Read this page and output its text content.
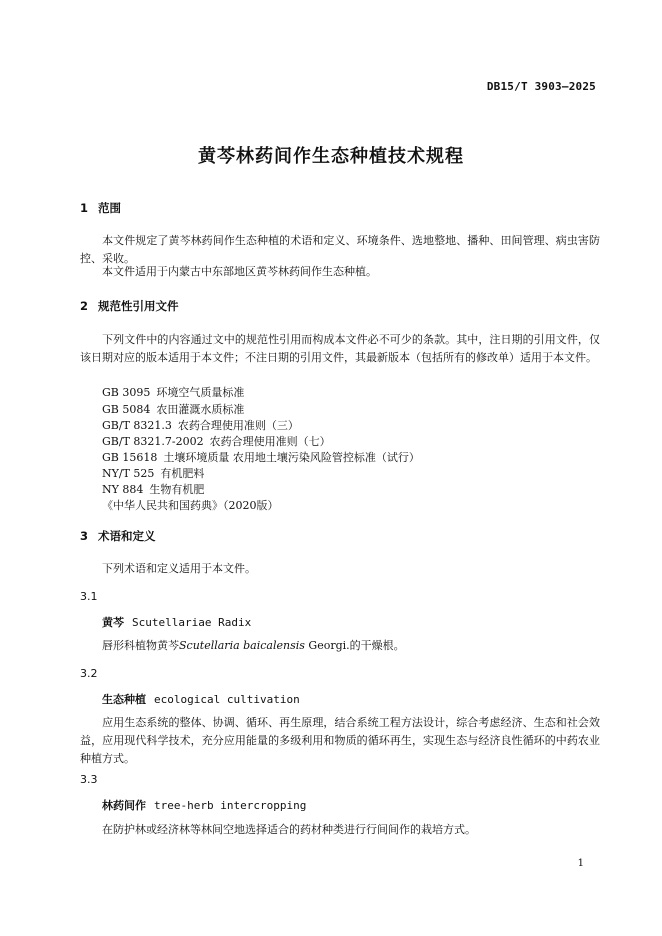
DB15/T 3903—2025
黄芩林药间作生态种植技术规程
1 范围
本文件规定了黄芩林药间作生态种植的术语和定义、环境条件、选地整地、播种、田间管理、病虫害防控、采收。
本文件适用于内蒙古中东部地区黄芩林药间作生态种植。
2 规范性引用文件
下列文件中的内容通过文中的规范性引用而构成本文件必不可少的条款。其中，注日期的引用文件，仅该日期对应的版本适用于本文件；不注日期的引用文件，其最新版本（包括所有的修改单）适用于本文件。
GB 3095 环境空气质量标准
GB 5084 农田灌溉水质标准
GB/T 8321.3 农药合理使用准则（三）
GB/T 8321.7-2002 农药合理使用准则（七）
GB 15618 土壤环境质量 农用地土壤污染风险管控标准（试行）
NY/T 525 有机肥料
NY 884 生物有机肥
《中华人民共和国药典》（2020版）
3 术语和定义
下列术语和定义适用于本文件。
3.1
黄芩 Scutellariae Radix
唇形科植物黄芩Scutellaria baicalensis Georgi.的干燥根。
3.2
生态种植 ecological cultivation
应用生态系统的整体、协调、循环、再生原理，结合系统工程方法设计，综合考虑经济、生态和社会效益，应用现代科学技术，充分应用能量的多级利用和物质的循环再生，实现生态与经济良性循环的中药农业种植方式。
3.3
林药间作 tree-herb intercropping
在防护林或经济林等林间空地选择适合的药材种类进行行间间作的栽培方式。
1
